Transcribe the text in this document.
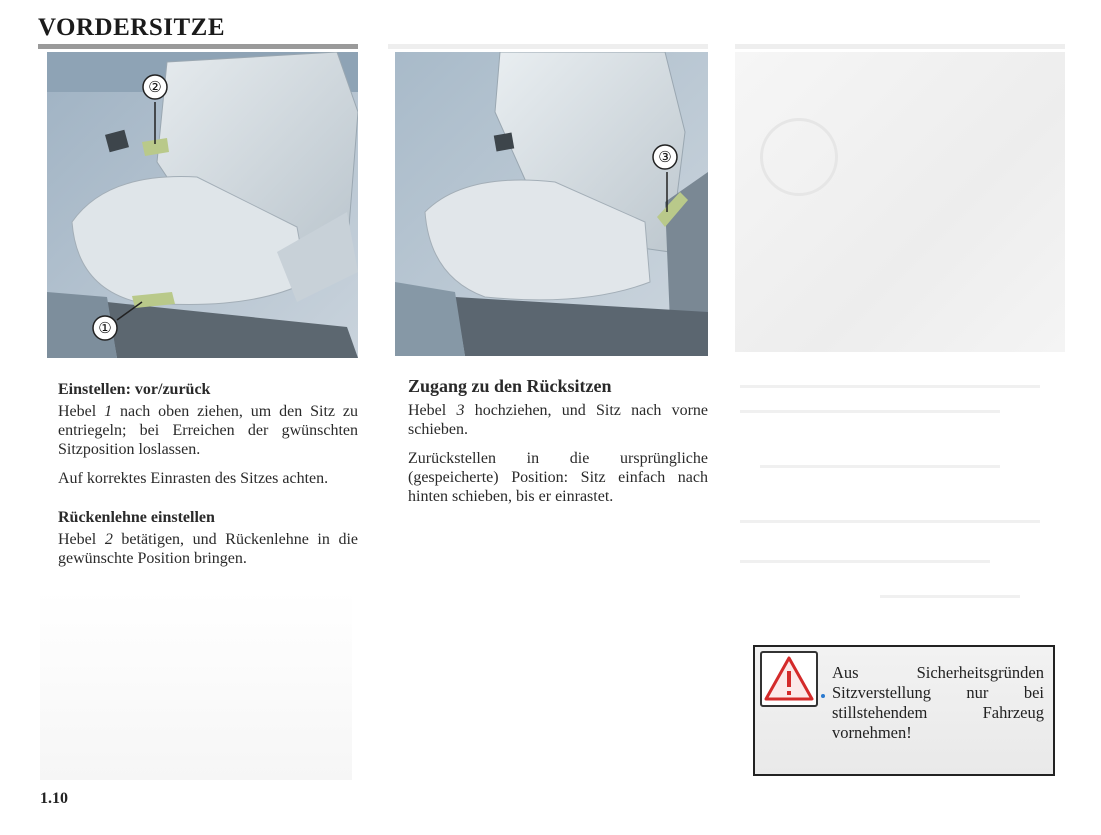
VORDERSITZE
②
①
③
Einstellen: vor/zurück

Hebel 1 nach oben ziehen, um den Sitz zu entriegeln; bei Erreichen der gwünschten Sitzposition loslassen.

Auf korrektes Einrasten des Sitzes achten.

Rückenlehne einstellen

Hebel 2 betätigen, und Rückenlehne in die gewünschte Position bringen.

Zugang zu den Rücksitzen

Hebel 3 hochziehen, und Sitz nach vorne schieben.

Zurückstellen in die ursprüngliche (gespeicherte) Position: Sitz einfach nach hinten schieben, bis er einrastet.

Aus Sicherheitsgründen Sitzverstellung nur bei stillstehendem Fahrzeug vornehmen!
1.10
